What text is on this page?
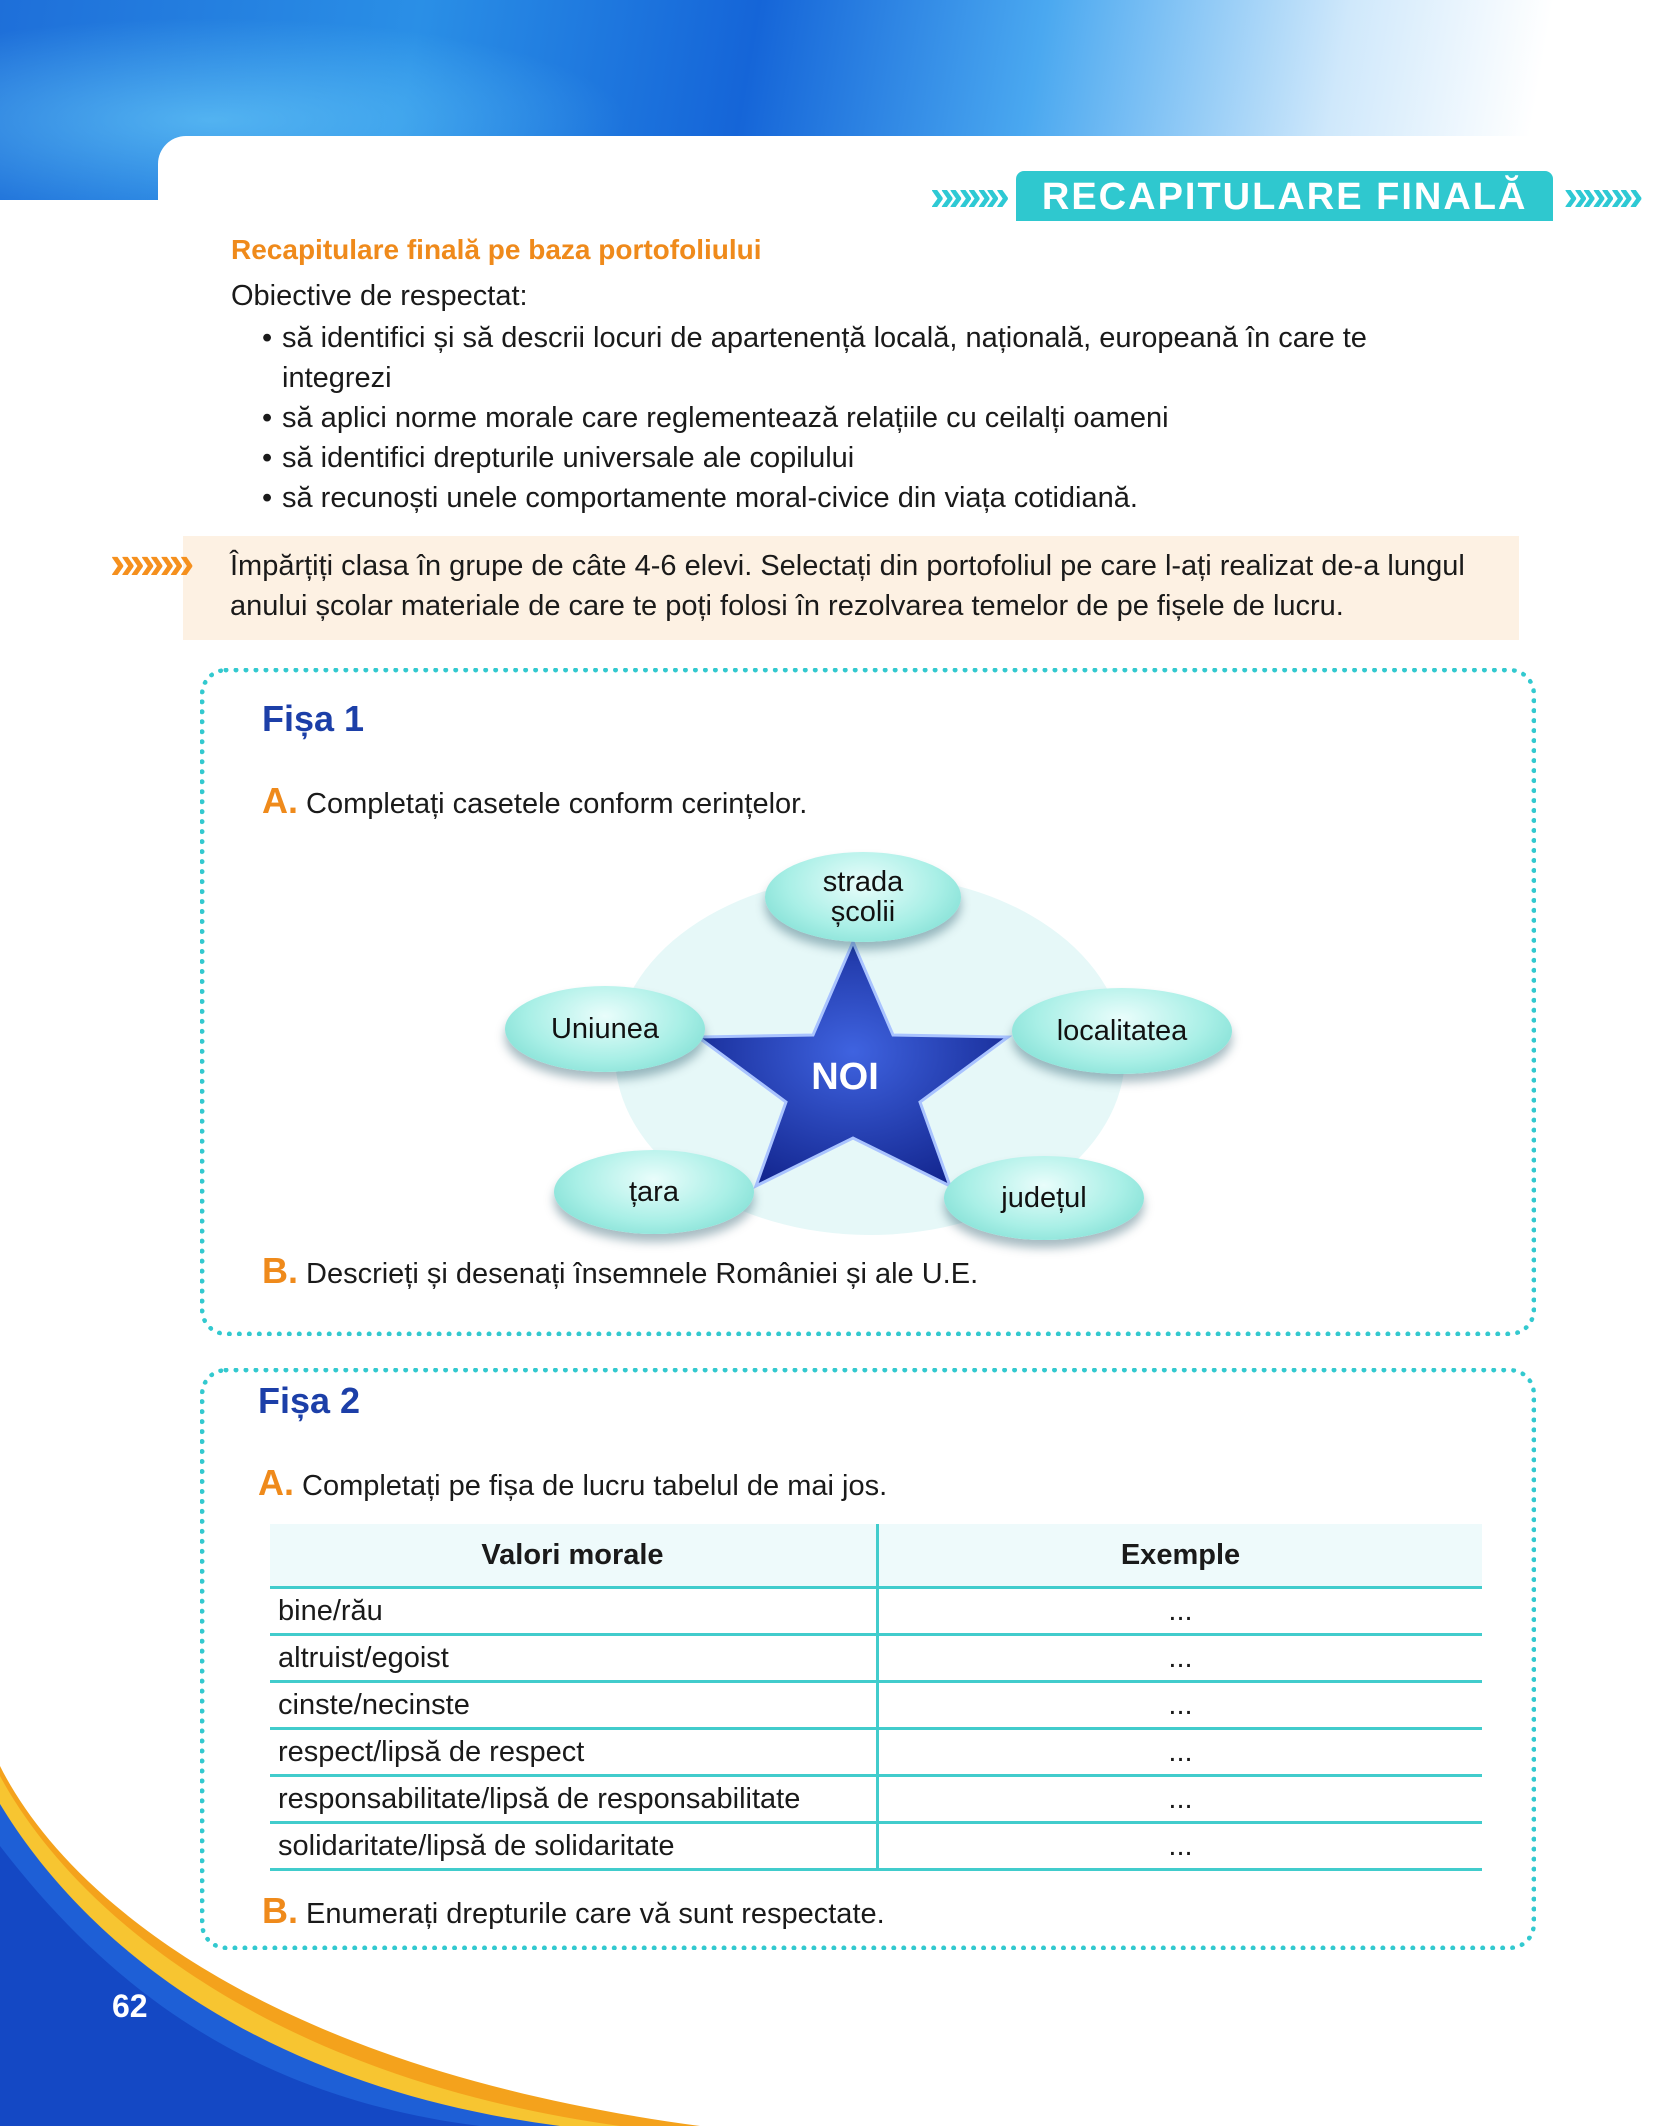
»»»»	RECAPITULARE FINALĂ »»»»
Recapitulare finală pe baza portofoliului
Obiective de respectat:
• să identifici și să descrii locuri de apartenență locală, națională, europeană în care te integrezi
• să aplici norme morale care reglementează relațiile cu ceilalți oameni
• să identifici drepturile universale ale copilului
• să recunoști unele comportamente moral-civice din viața cotidiană.
»»»» Împărțiți clasa în grupe de câte 4-6 elevi. Selectați din portofoliul pe care l-ați realizat de-a lungul anului școlar materiale de care te poți folosi în rezolvarea temelor de pe fișele de lucru.
Fișa 1
A. Completați casetele conform cerințelor.
NOI
strada
școlii
Uniunea	localitatea
țara	județul
B. Descrieți și desenați însemnele României și ale U.E.
Fișa 2
A. Completați pe fișa de lucru tabelul de mai jos.
Valori morale	Exemple
bine/rău	...
altruist/egoist	...
cinste/necinste	...
respect/lipsă de respect	...
responsabilitate/lipsă de responsabilitate	...
solidaritate/lipsă de solidaritate	...
B. Enumerați drepturile care vă sunt respectate.
62
